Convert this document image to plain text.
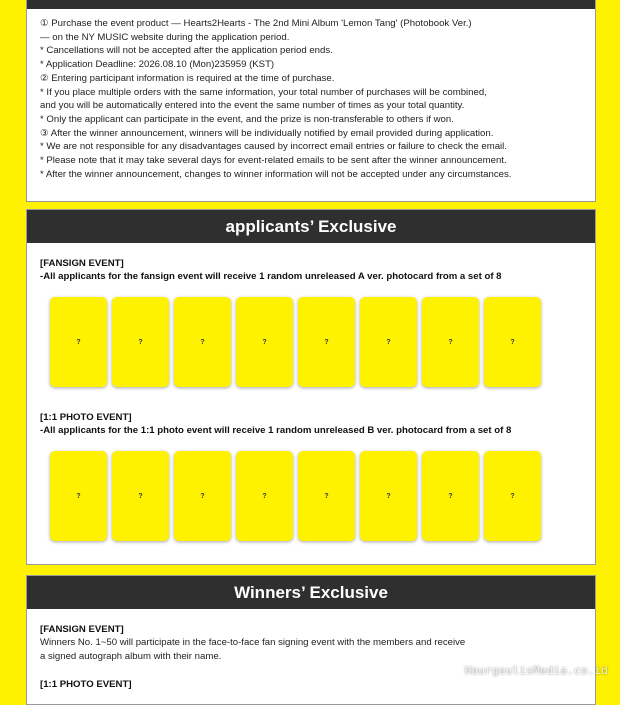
① Purchase the event product — Hearts2Hearts - The 2nd Mini Album 'Lemon Tang' (Photobook Ver.)
— on the NY MUSIC website during the application period.
* Cancellations will not be accepted after the application period ends.
* Application Deadline: 2026.08.10 (Mon)235959 (KST)
② Entering participant information is required at the time of purchase.
* If you place multiple orders with the same information, your total number of purchases will be combined,
and you will be automatically entered into the event the same number of times as your total quantity.
* Only the applicant can participate in the event, and the prize is non-transferable to others if won.
③ After the winner announcement, winners will be individually notified by email provided during application.
* We are not responsible for any disadvantages caused by incorrect email entries or failure to check the email.
* Please note that it may take several days for event-related emails to be sent after the winner announcement.
* After the winner announcement, changes to winner information will not be accepted under any circumstances.
applicants’ Exclusive
[FANSIGN EVENT]
-All applicants for the fansign event will receive 1 random unreleased A ver. photocard from a set of 8
?	?	?	?	?	?	?	?
[1:1 PHOTO EVENT]
-All applicants for the 1:1 photo event will receive 1 random unreleased B ver. photocard from a set of 8
?	?	?	?	?	?	?	?
Winners’ Exclusive
[FANSIGN EVENT]
Winners No. 1~50 will participate in the face-to-face fan signing event with the members and receive
a signed autograph album with their name.
[1:1 PHOTO EVENT]
HaurgeulisMedia.co.id
